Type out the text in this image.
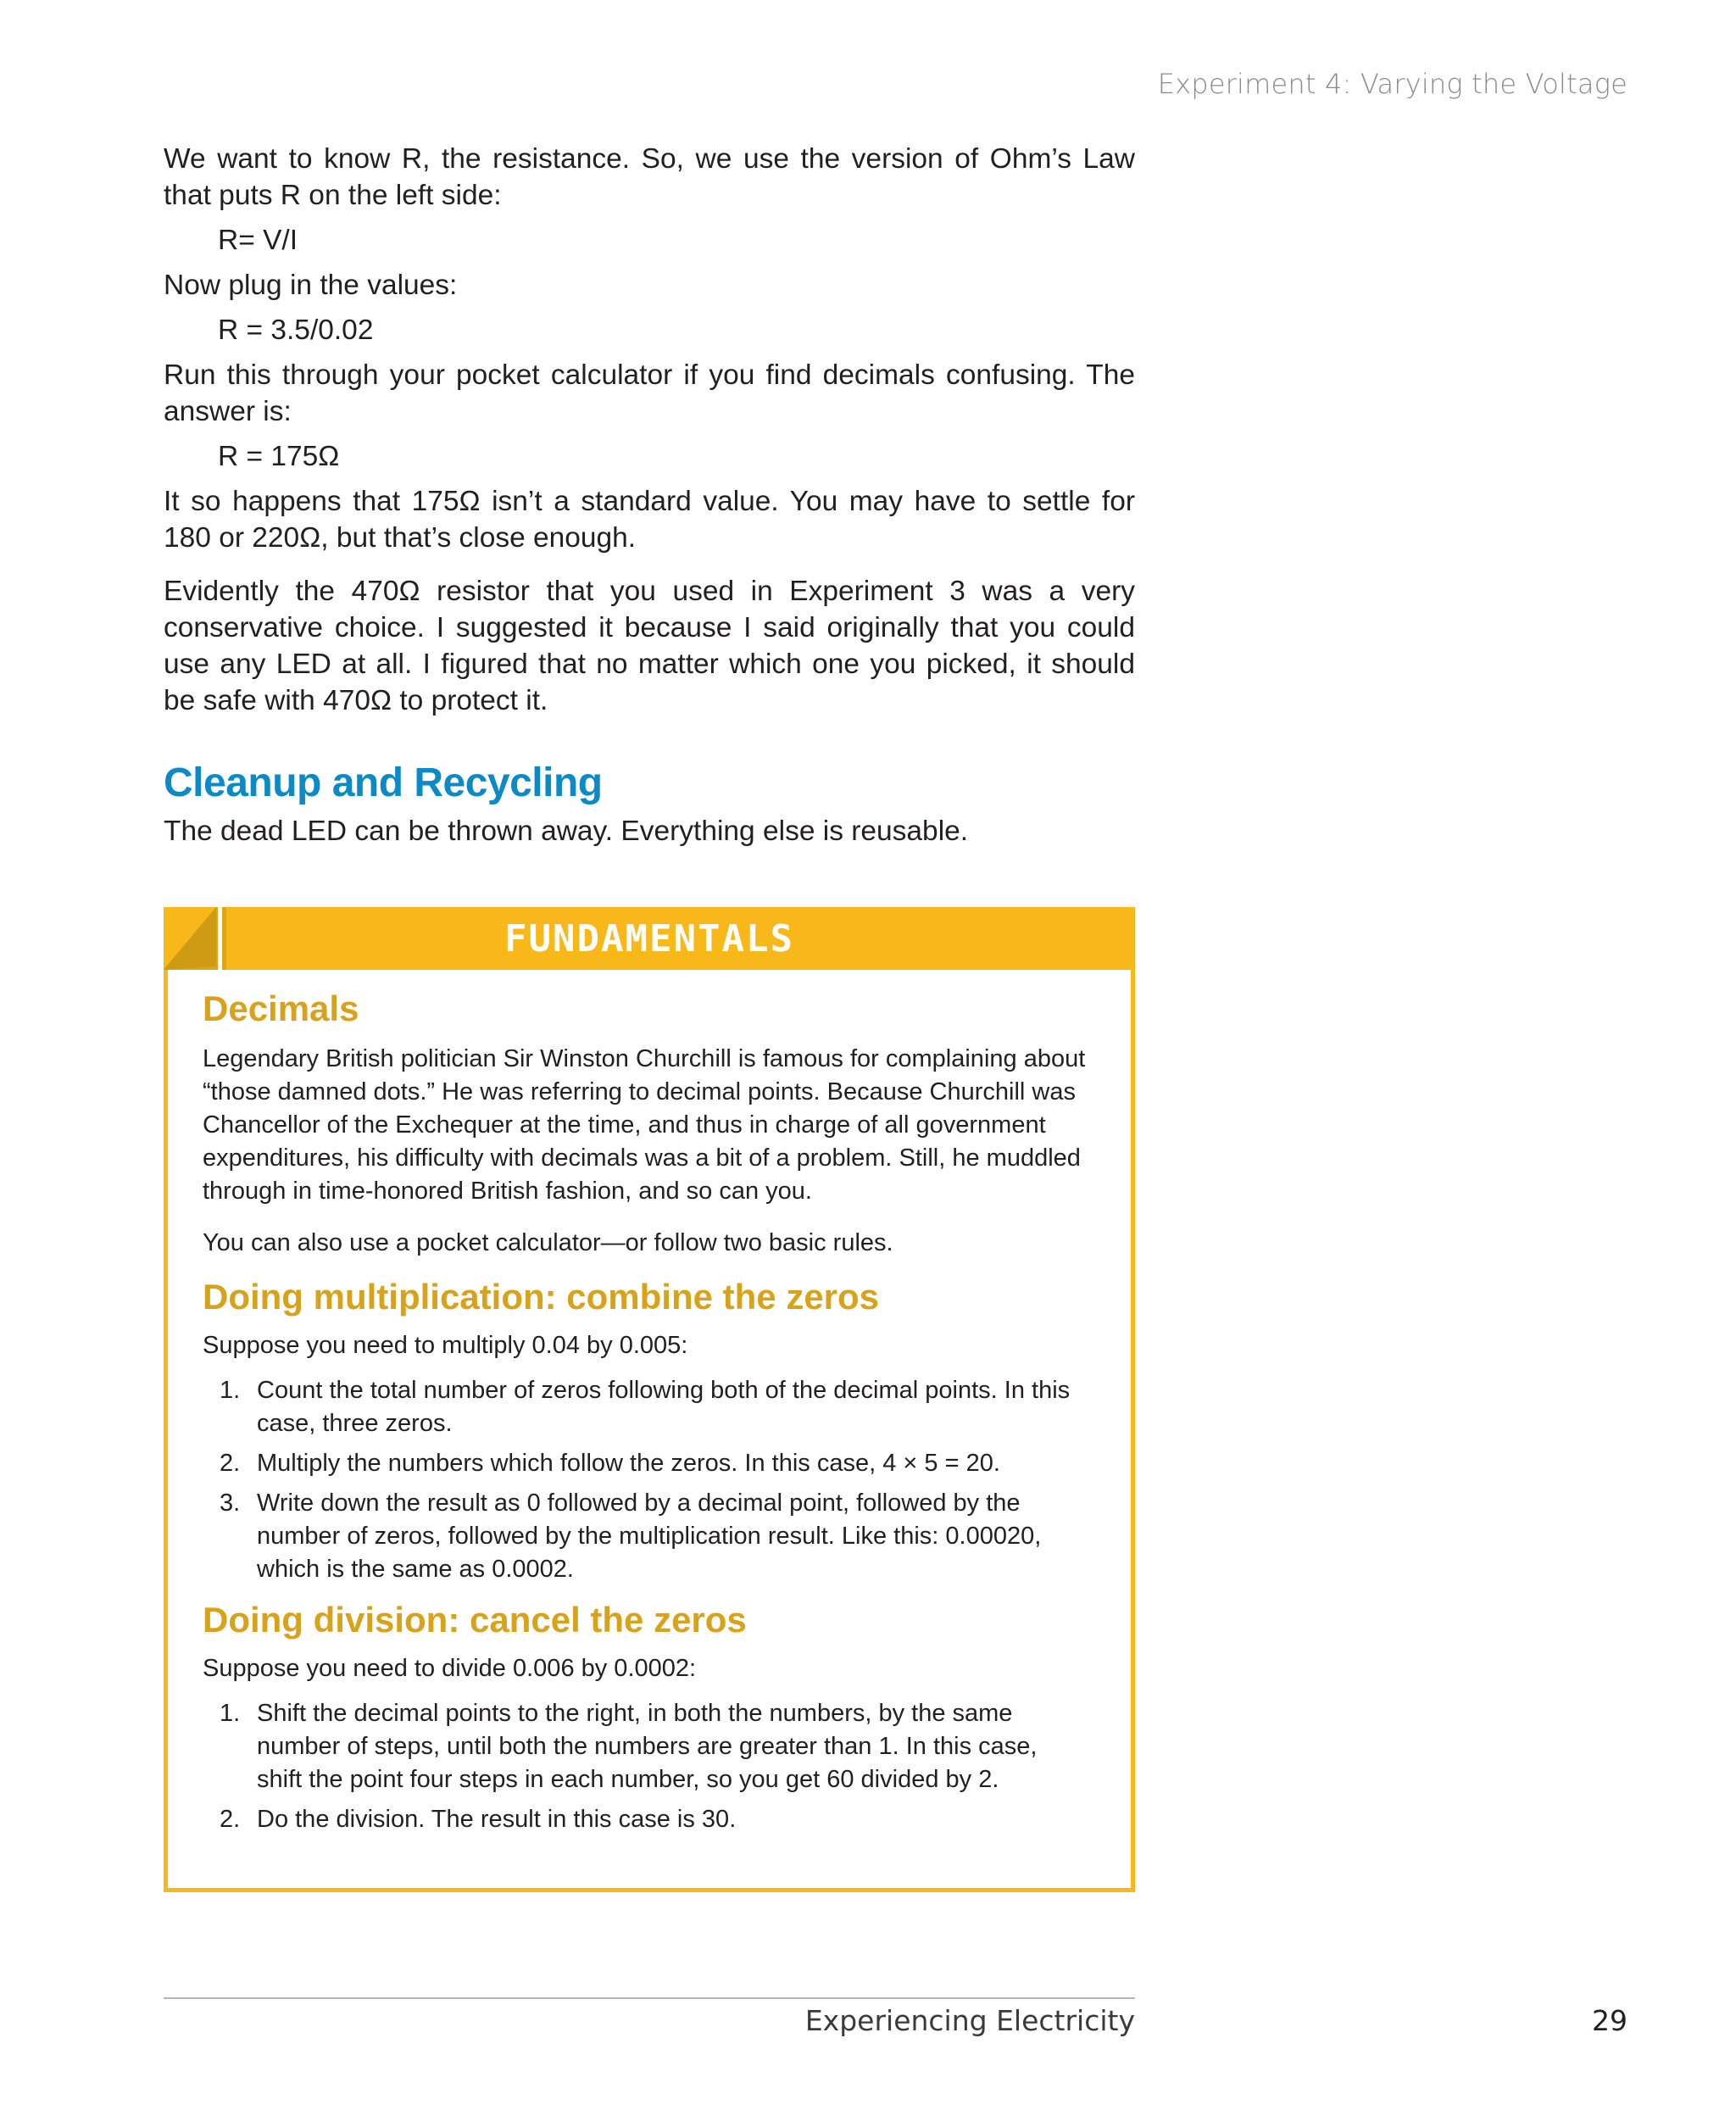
Experiment 4: Varying the Voltage

We want to know R, the resistance. So, we use the version of Ohm’s Law that puts R on the left side:

R= V/I

Now plug in the values:

R = 3.5/0.02

Run this through your pocket calculator if you find decimals confusing. The answer is:

R = 175Ω

It so happens that 175Ω isn’t a standard value. You may have to settle for 180 or 220Ω, but that’s close enough.

Evidently the 470Ω resistor that you used in Experiment 3 was a very conservative choice. I suggested it because I said originally that you could use any LED at all. I figured that no matter which one you picked, it should be safe with 470Ω to protect it.

Cleanup and Recycling

The dead LED can be thrown away. Everything else is reusable.

FUNDAMENTALS
Decimals

Legendary British politician Sir Winston Churchill is famous for complaining about “those damned dots.” He was referring to decimal points. Because Churchill was Chancellor of the Exchequer at the time, and thus in charge of all government expenditures, his difficulty with decimals was a bit of a problem. Still, he muddled through in time-honored British fashion, and so can you.

You can also use a pocket calculator—or follow two basic rules.

Doing multiplication: combine the zeros

Suppose you need to multiply 0.04 by 0.005:

1. Count the total number of zeros following both of the decimal points. In this case, three zeros.
2. Multiply the numbers which follow the zeros. In this case, 4 × 5 = 20.
3. Write down the result as 0 followed by a decimal point, followed by the number of zeros, followed by the multiplication result. Like this: 0.00020, which is the same as 0.0002.
Doing division: cancel the zeros

Suppose you need to divide 0.006 by 0.0002:

1. Shift the decimal points to the right, in both the numbers, by the same number of steps, until both the numbers are greater than 1. In this case, shift the point four steps in each number, so you get 60 divided by 2.
2. Do the division. The result in this case is 30.
Experiencing Electricity	29
